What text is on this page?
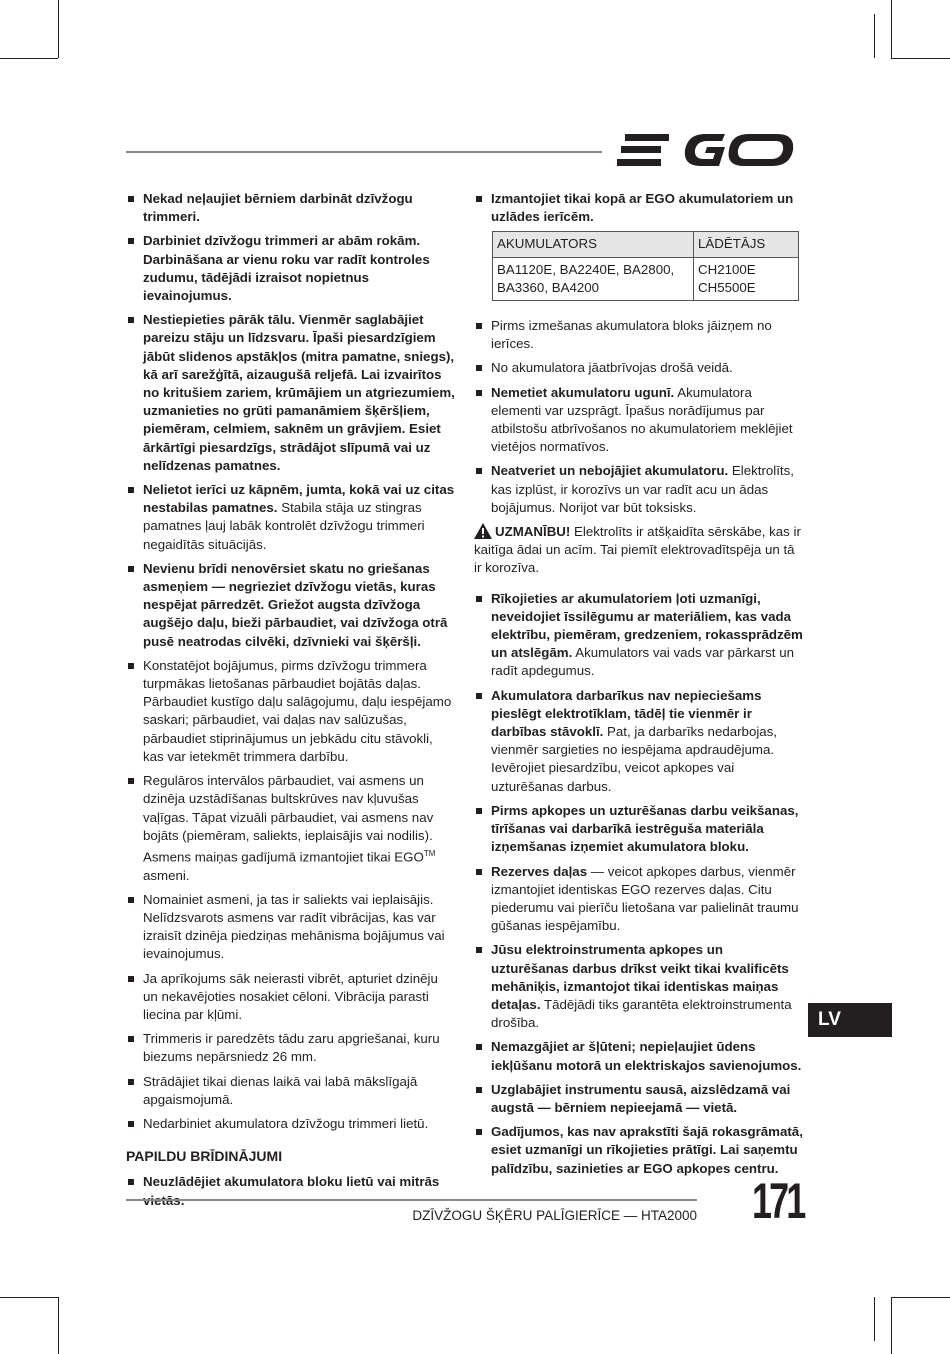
Nekad neļaujiet bērniem darbināt dzīvžogu trimmeri.
Darbiniet dzīvžogu trimmeri ar abām rokām. Darbināšana ar vienu roku var radīt kontroles zudumu, tādējādi izraisot nopietnus ievainojumus.
Nestiepieties pārāk tālu. Vienmēr saglabājiet pareizu stāju un līdzsvaru. Īpaši piesardzīgiem jābūt slidenos apstākļos (mitra pamatne, sniegs), kā arī sarežģītā, aizaugušā reljefā. Lai izvairītos no kritušiem zariem, krūmājiem un atgriezumiem, uzmanieties no grūti pamanāmiem šķēršļiem, piemēram, celmiem, saknēm un grāvjiem. Esiet ārkārtīgi piesardzīgs, strādājot slīpumā vai uz nelīdzenas pamatnes.
Nelietot ierīci uz kāpnēm, jumta, kokā vai uz citas nestabilas pamatnes. Stabila stāja uz stingras pamatnes ļauj labāk kontrolēt dzīvžogu trimmeri negaidītās situācijās.
Nevienu brīdi nenovērsiet skatu no griešanas asmeņiem — negrieziet dzīvžogu vietās, kuras nespējat pārredzēt. Griežot augsta dzīvžoga augšējo daļu, bieži pārbaudiet, vai dzīvžoga otrā pusē neatrodas cilvēki, dzīvnieki vai šķēršļi.
Konstatējot bojājumus, pirms dzīvžogu trimmera turpmākas lietošanas pārbaudiet bojātās daļas. Pārbaudiet kustīgo daļu salāgojumu, daļu iespējamo saskari; pārbaudiet, vai daļas nav salūzušas, pārbaudiet stiprinājumus un jebkādu citu stāvokli, kas var ietekmēt trimmera darbību.
Regulāros intervālos pārbaudiet, vai asmens un dzinēja uzstādīšanas bultskrūves nav kļuvušas vaļīgas. Tāpat vizuāli pārbaudiet, vai asmens nav bojāts (piemēram, saliekts, ieplaisājis vai nodilis). Asmens maiņas gadījumā izmantojiet tikai EGO™ asmeni.
Nomainiet asmeni, ja tas ir saliekts vai ieplaisājis. Nelīdzsvarots asmens var radīt vibrācijas, kas var izraisīt dzinēja piedziņas mehānisma bojājumus vai ievainojumus.
Ja aprīkojums sāk neierasti vibrēt, apturiet dzinēju un nekavējoties nosakiet cēloni. Vibrācija parasti liecina par kļūmi.
Trimmeris ir paredzēts tādu zaru apgriešanai, kuru biezums nepārsniedz 26 mm.
Strādājiet tikai dienas laikā vai labā mākslīgajā apgaismojumā.
Nedarbiniet akumulatora dzīvžogu trimmeri lietū.
PAPILDU BRĪDINĀJUMI
Neuzlādējiet akumulatora bloku lietū vai mitrās
Izmantojiet tikai kopā ar EGO akumulatoriem un uzlādes ierīcēm.
AKUMULATORS	LĀDĒTĀJS
BA1120E, BA2240E, BA2800, BA3360, BA4200	CH2100E CH5500E
Pirms izmešanas akumulatora bloks jāizņem no ierīces.
No akumulatora jāatbrīvojas drošā veidā.
Nemetiet akumulatoru ugunī. Akumulatora elementi var uzsprāgt. Īpašus norādījumus par atbilstošu atbrīvošanos no akumulatoriem meklējiet vietējos normatīvos.
Neatveriet un nebojājiet akumulatoru. Elektrolīts, kas izplūst, ir korozīvs un var radīt acu un ādas bojājumus. Norijot var būt toksisks.
UZMANĪBU! Elektrolīts ir atšķaidīta sērskābe, kas ir kaitīga ādai un acīm. Tai piemīt elektrovadītspēja un tā ir korozīva.
Rīkojieties ar akumulatoriem ļoti uzmanīgi, neveidojiet īssilēgumu ar materiāliem, kas vada elektrību, piemēram, gredzeniem, rokassprādzēm un atslēgām. Akumulators vai vads var pārkarst un radīt apdegumus.
Akumulatora darbarīkus nav nepieciešams pieslēgt elektrotīklam, tādēļ tie vienmēr ir darbības stāvoklī. Pat, ja darbarīks nedarbojas, vienmēr sargieties no iespējama apdraudējuma. Ievērojiet piesardzību, veicot apkopes vai uzturēšanas darbus.
Pirms apkopes un uzturēšanas darbu veikšanas, tīrīšanas vai darbarīkā iestrēguša materiāla izņemšanas izņemiet akumulatora bloku.
Rezerves daļas — veicot apkopes darbus, vienmēr izmantojiet identiskas EGO rezerves daļas. Citu piederumu vai pierīču lietošana var palielināt traumu gūšanas iespējamību.
Jūsu elektroinstrumenta apkopes un uzturēšanas darbus drīkst veikt tikai kvalificēts mehāniķis, izmantojot tikai identiskas maiņas detaļas. Tādējādi tiks garantēta elektroinstrumenta drošība.
Nemazgājiet ar šļūteni; nepieļaujiet ūdens iekļūšanu motorā un elektriskajos savienojumos.
Uzglabājiet instrumentu sausā, aizslēdzamā vai augstā — bērniem nepieejamā — vietā.
Gadījumos, kas nav aprakstīti šajā rokasgrāmatā, esiet uzmanīgi un rīkojieties prātīgi. Lai saņemtu palīdzību, sazinieties ar EGO apkopes centru.
LV
DZĪVŽOGU ŠĶĒRU PALĪGIERĪCE — HTA2000 171
